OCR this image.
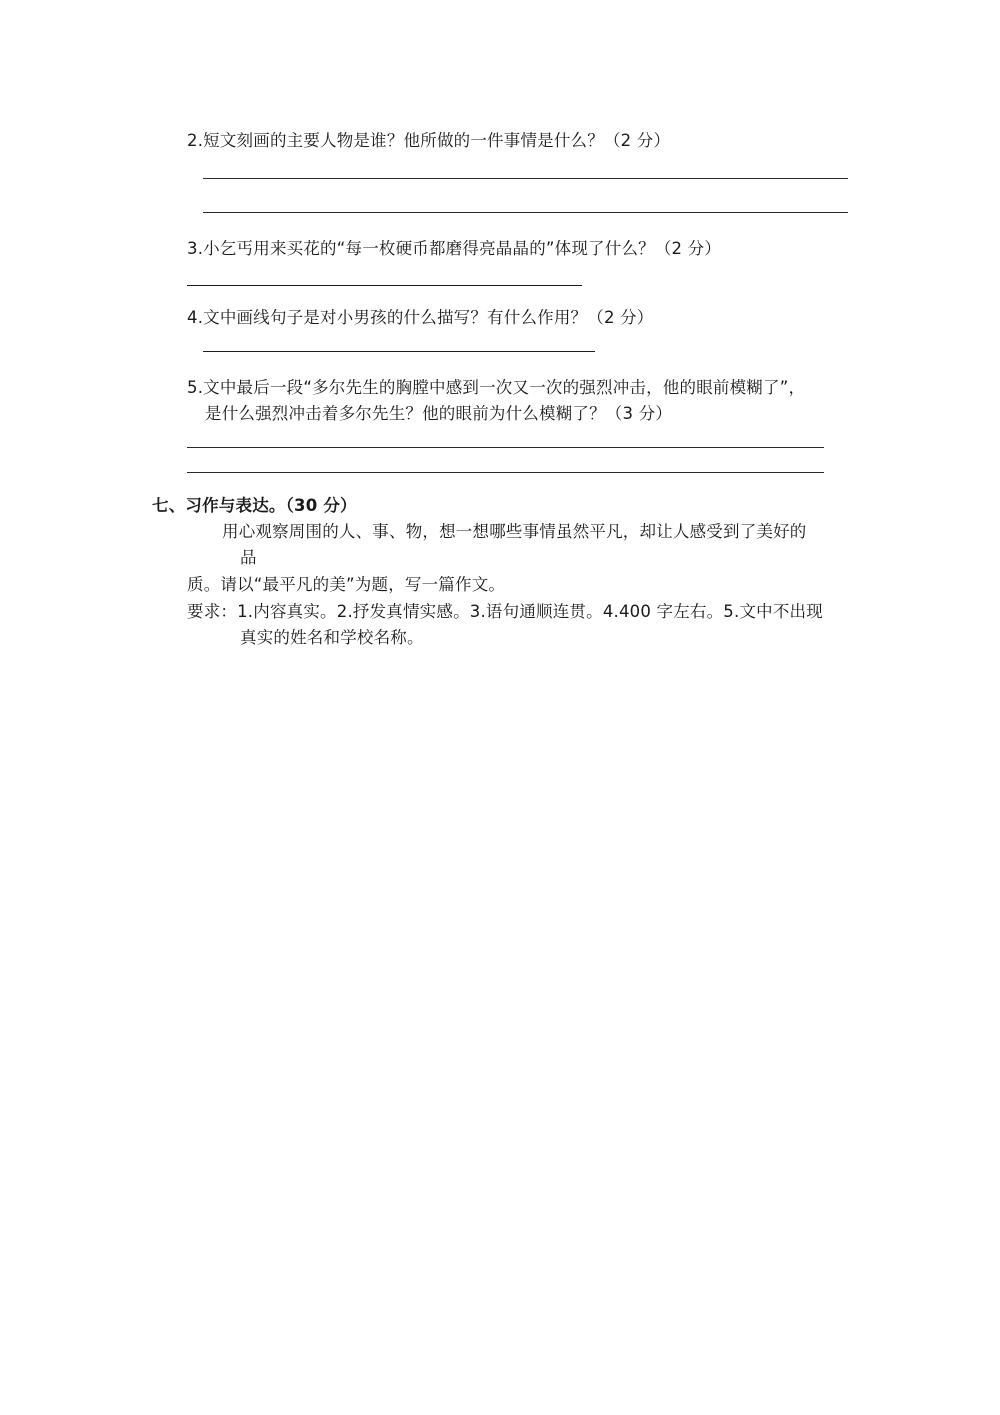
2.短文刻画的主要人物是谁？他所做的一件事情是什么？（2 分）
3.小乞丐用来买花的“每一枚硬币都磨得亮晶晶的”体现了什么？（2 分）
4.文中画线句子是对小男孩的什么描写？有什么作用？（2 分）
5.文中最后一段“多尔先生的胸膛中感到一次又一次的强烈冲击，他的眼前模糊了”，
是什么强烈冲击着多尔先生？他的眼前为什么模糊了？（3 分）
七、习作与表达。（30 分）
用心观察周围的人、事、物，想一想哪些事情虽然平凡，却让人感受到了美好的
品
质。请以“最平凡的美”为题，写一篇作文。
要求：1.内容真实。2.抒发真情实感。3.语句通顺连贯。4.400 字左右。5.文中不出现
真实的姓名和学校名称。
